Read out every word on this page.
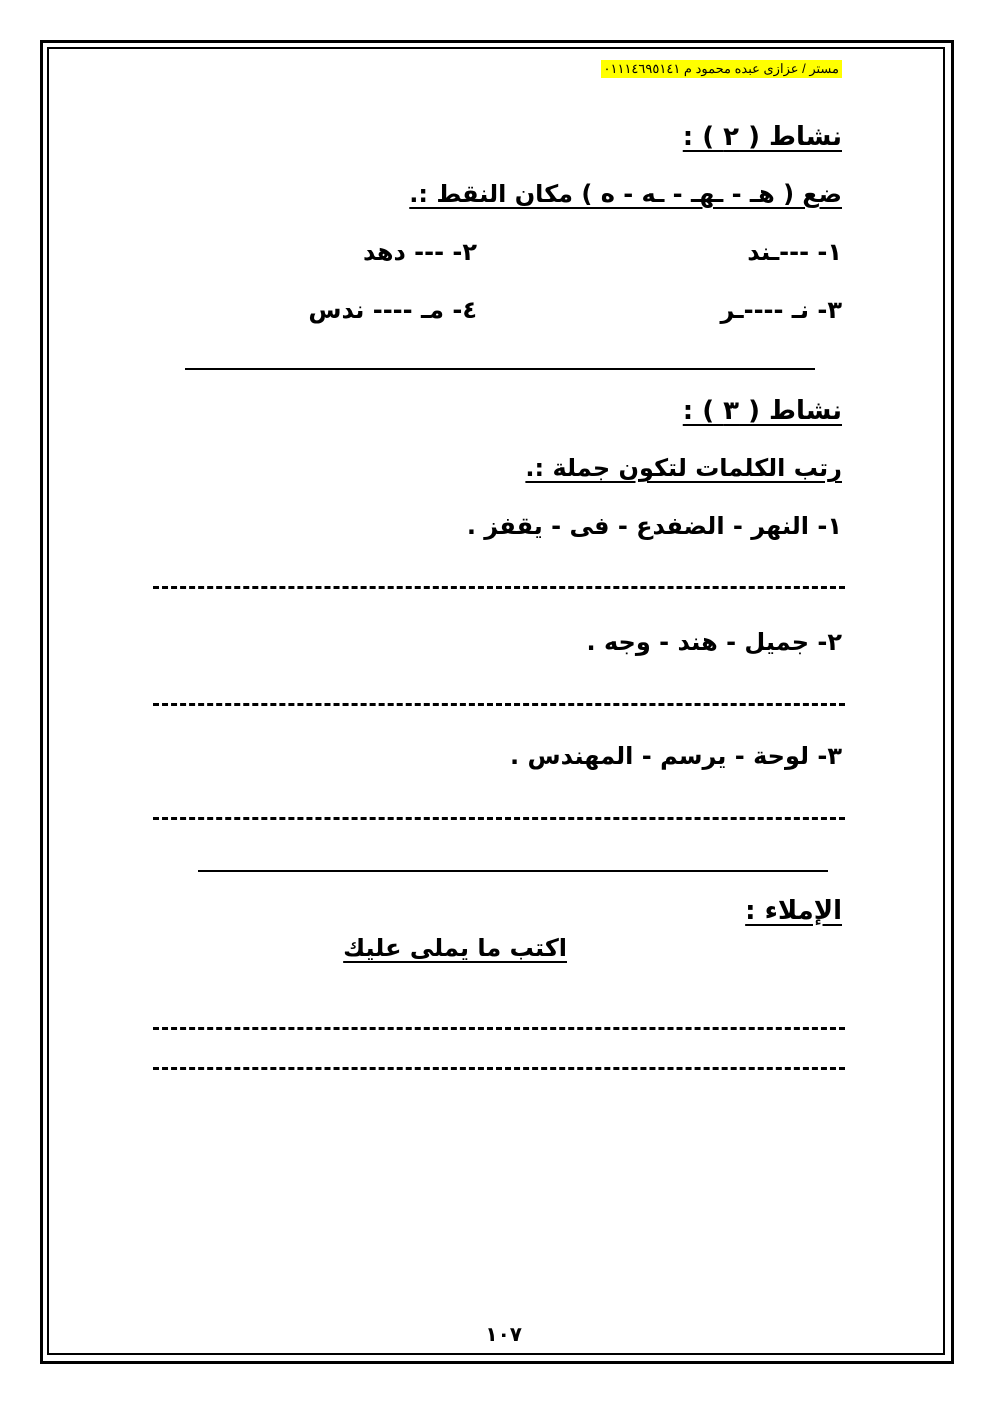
مستر / عزازى عبده محمود م ٠١١١٤٦٩٥١٤١
نشاط ( ٢ ) :
ضع ( هـ - ـهـ - ـه - ه ) مكان النقط :.
١- ---ـند
٢- --- دهد
٣- نـ ----ـر
٤- مـ ---- ندس
نشاط ( ٣ ) :
رتب الكلمات لتكون جملة :.
١- النهر - الضفدع - فى - يقفز .
٢- جميل - هند - وجه .
٣- لوحة - يرسم - المهندس .
الإملاء :
اكتب ما يملى عليك
١٠٧
